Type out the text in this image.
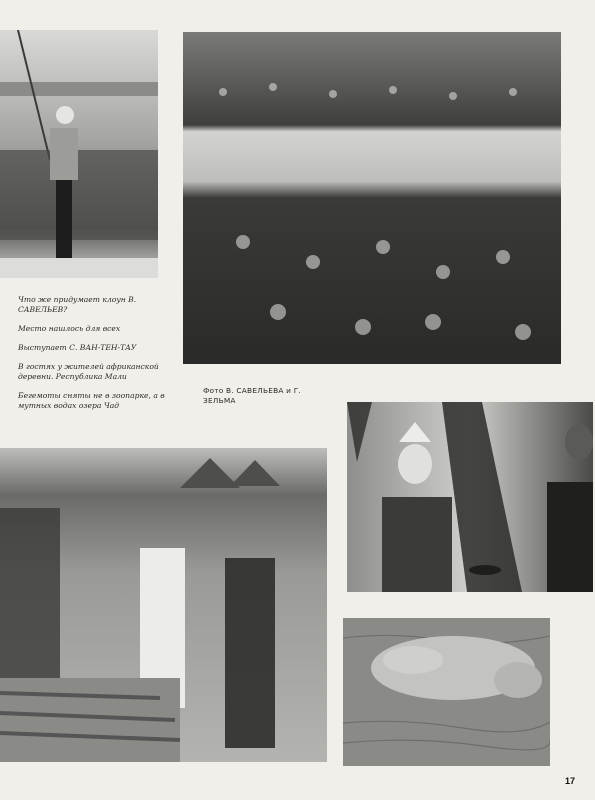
Что же придумает клоун В. САВЕЛЬЕВ?

Место нашлось для всех

Выступает С. ВАН-ТЕН-ТАУ

В гостях у жителей африканской деревни. Республика Мали

Бегемоты сняты не в зоопарке, а в мутных водах озера Чад

Фото В. САВЕЛЬЕВА и Г. ЗЕЛЬМА
17
